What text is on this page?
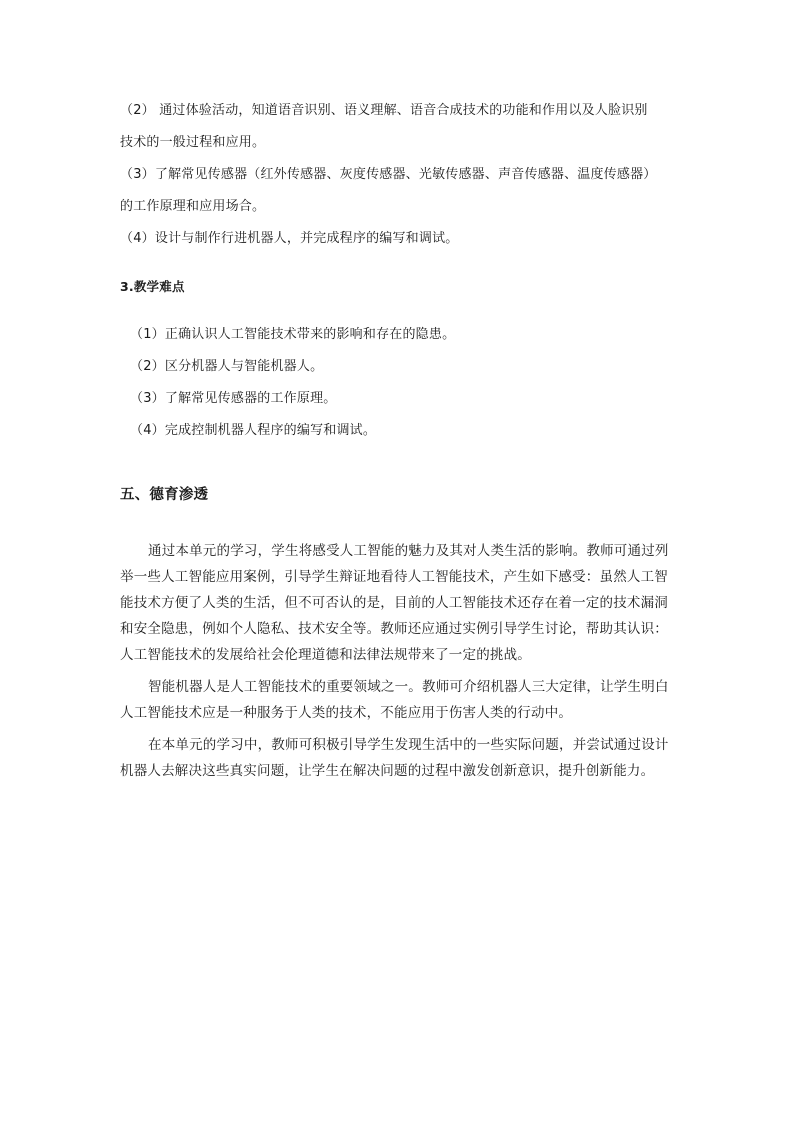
（2） 通过体验活动，知道语音识别、语义理解、语音合成技术的功能和作用以及人脸识别
技术的一般过程和应用。
（3）了解常见传感器（红外传感器、灰度传感器、光敏传感器、声音传感器、温度传感器）
的工作原理和应用场合。
（4）设计与制作行进机器人，并完成程序的编写和调试。
3.教学难点
（1）正确认识人工智能技术带来的影响和存在的隐患。
（2）区分机器人与智能机器人。
（3）了解常见传感器的工作原理。
（4）完成控制机器人程序的编写和调试。
五、德育渗透
通过本单元的学习，学生将感受人工智能的魅力及其对人类生活的影响。教师可通过列
举一些人工智能应用案例，引导学生辩证地看待人工智能技术，产生如下感受：虽然人工智
能技术方便了人类的生活，但不可否认的是，目前的人工智能技术还存在着一定的技术漏洞
和安全隐患，例如个人隐私、技术安全等。教师还应通过实例引导学生讨论，帮助其认识：
人工智能技术的发展给社会伦理道德和法律法规带来了一定的挑战。
智能机器人是人工智能技术的重要领域之一。教师可介绍机器人三大定律，让学生明白
人工智能技术应是一种服务于人类的技术，不能应用于伤害人类的行动中。
在本单元的学习中，教师可积极引导学生发现生活中的一些实际问题，并尝试通过设计
机器人去解决这些真实问题，让学生在解决问题的过程中激发创新意识，提升创新能力。
